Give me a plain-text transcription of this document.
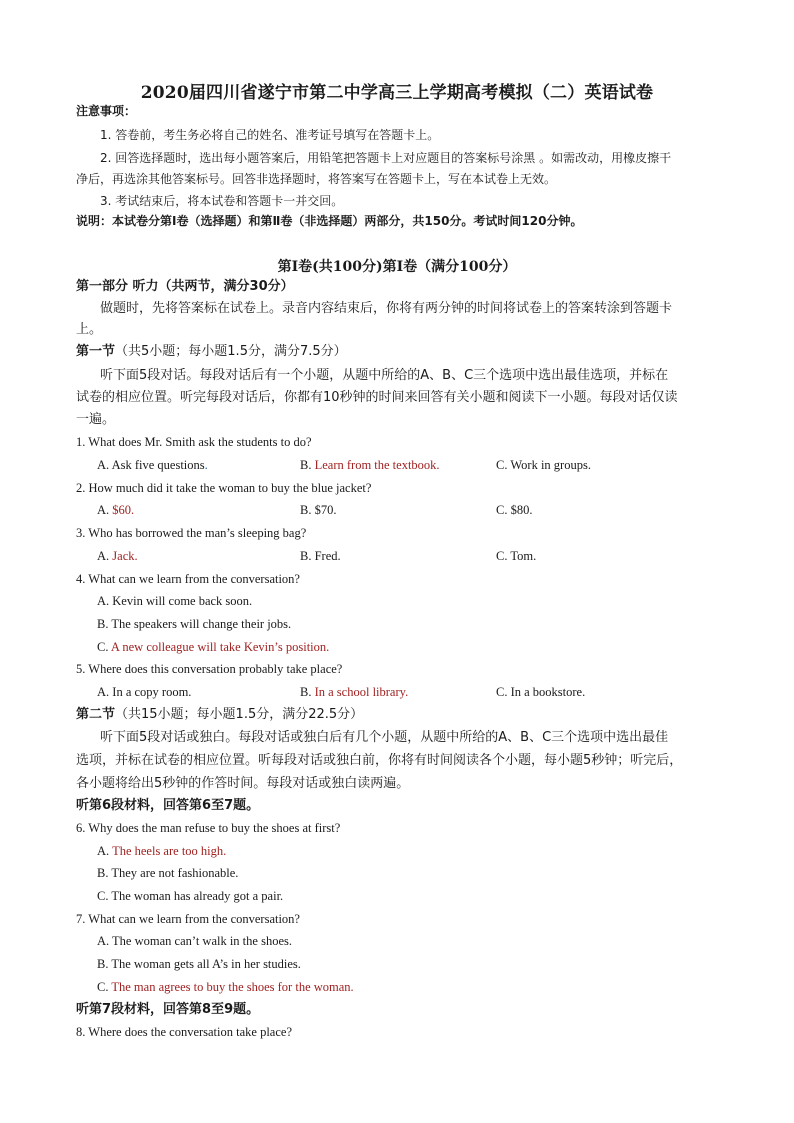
2020届四川省遂宁市第二中学高三上学期高考模拟（二）英语试卷
注意事项：
1. 答卷前，考生务必将自己的姓名、准考证号填写在答题卡上。
2. 回答选择题时，选出每小题答案后，用铅笔把答题卡上对应题目的答案标号涂黑 。如需改动，用橡皮擦干
净后，再选涂其他答案标号。回答非选择题时，将答案写在答题卡上，写在本试卷上无效。
3. 考试结束后，将本试卷和答题卡一并交回。
说明：本试卷分第Ⅰ卷（选择题）和第Ⅱ卷（非选择题）两部分，共150分。考试时间120分钟。
第Ⅰ卷(共100分)第Ⅰ卷（满分100分）
第一部分 听力（共两节，满分30分）
做题时，先将答案标在试卷上。录音内容结束后，你将有两分钟的时间将试卷上的答案转涂到答题卡
上。
第一节（共5小题；每小题1.5分，满分7.5分）
听下面5段对话。每段对话后有一个小题，从题中所给的A、B、C三个选项中选出最佳选项，并标在
试卷的相应位置。听完每段对话后，你都有10秒钟的时间来回答有关小题和阅读下一小题。每段对话仅读
一遍。
1. What does Mr. Smith ask the students to do?
A. Ask five questions.	B. Learn from the textbook.	C. Work in groups.
2. How much did it take the woman to buy the blue jacket?
A. $60.	B. $70.	C. $80.
3. Who has borrowed the man’s sleeping bag?
A. Jack.	B. Fred.	C. Tom.
4. What can we learn from the conversation?
A. Kevin will come back soon.
B. The speakers will change their jobs.
C. A new colleague will take Kevin’s position.
5. Where does this conversation probably take place?
A. In a copy room.	B. In a school library.	C. In a bookstore.
第二节（共15小题；每小题1.5分，满分22.5分）
听下面5段对话或独白。每段对话或独白后有几个小题，从题中所给的A、B、C三个选项中选出最佳
选项，并标在试卷的相应位置。听每段对话或独白前，你将有时间阅读各个小题，每小题5秒钟；听完后，
各小题将给出5秒钟的作答时间。每段对话或独白读两遍。
听第6段材料，回答第6至7题。
6. Why does the man refuse to buy the shoes at first?
A. The heels are too high.
B. They are not fashionable.
C. The woman has already got a pair.
7. What can we learn from the conversation?
A. The woman can’t walk in the shoes.
B. The woman gets all A’s in her studies.
C. The man agrees to buy the shoes for the woman.
听第7段材料，回答第8至9题。
8. Where does the conversation take place?
